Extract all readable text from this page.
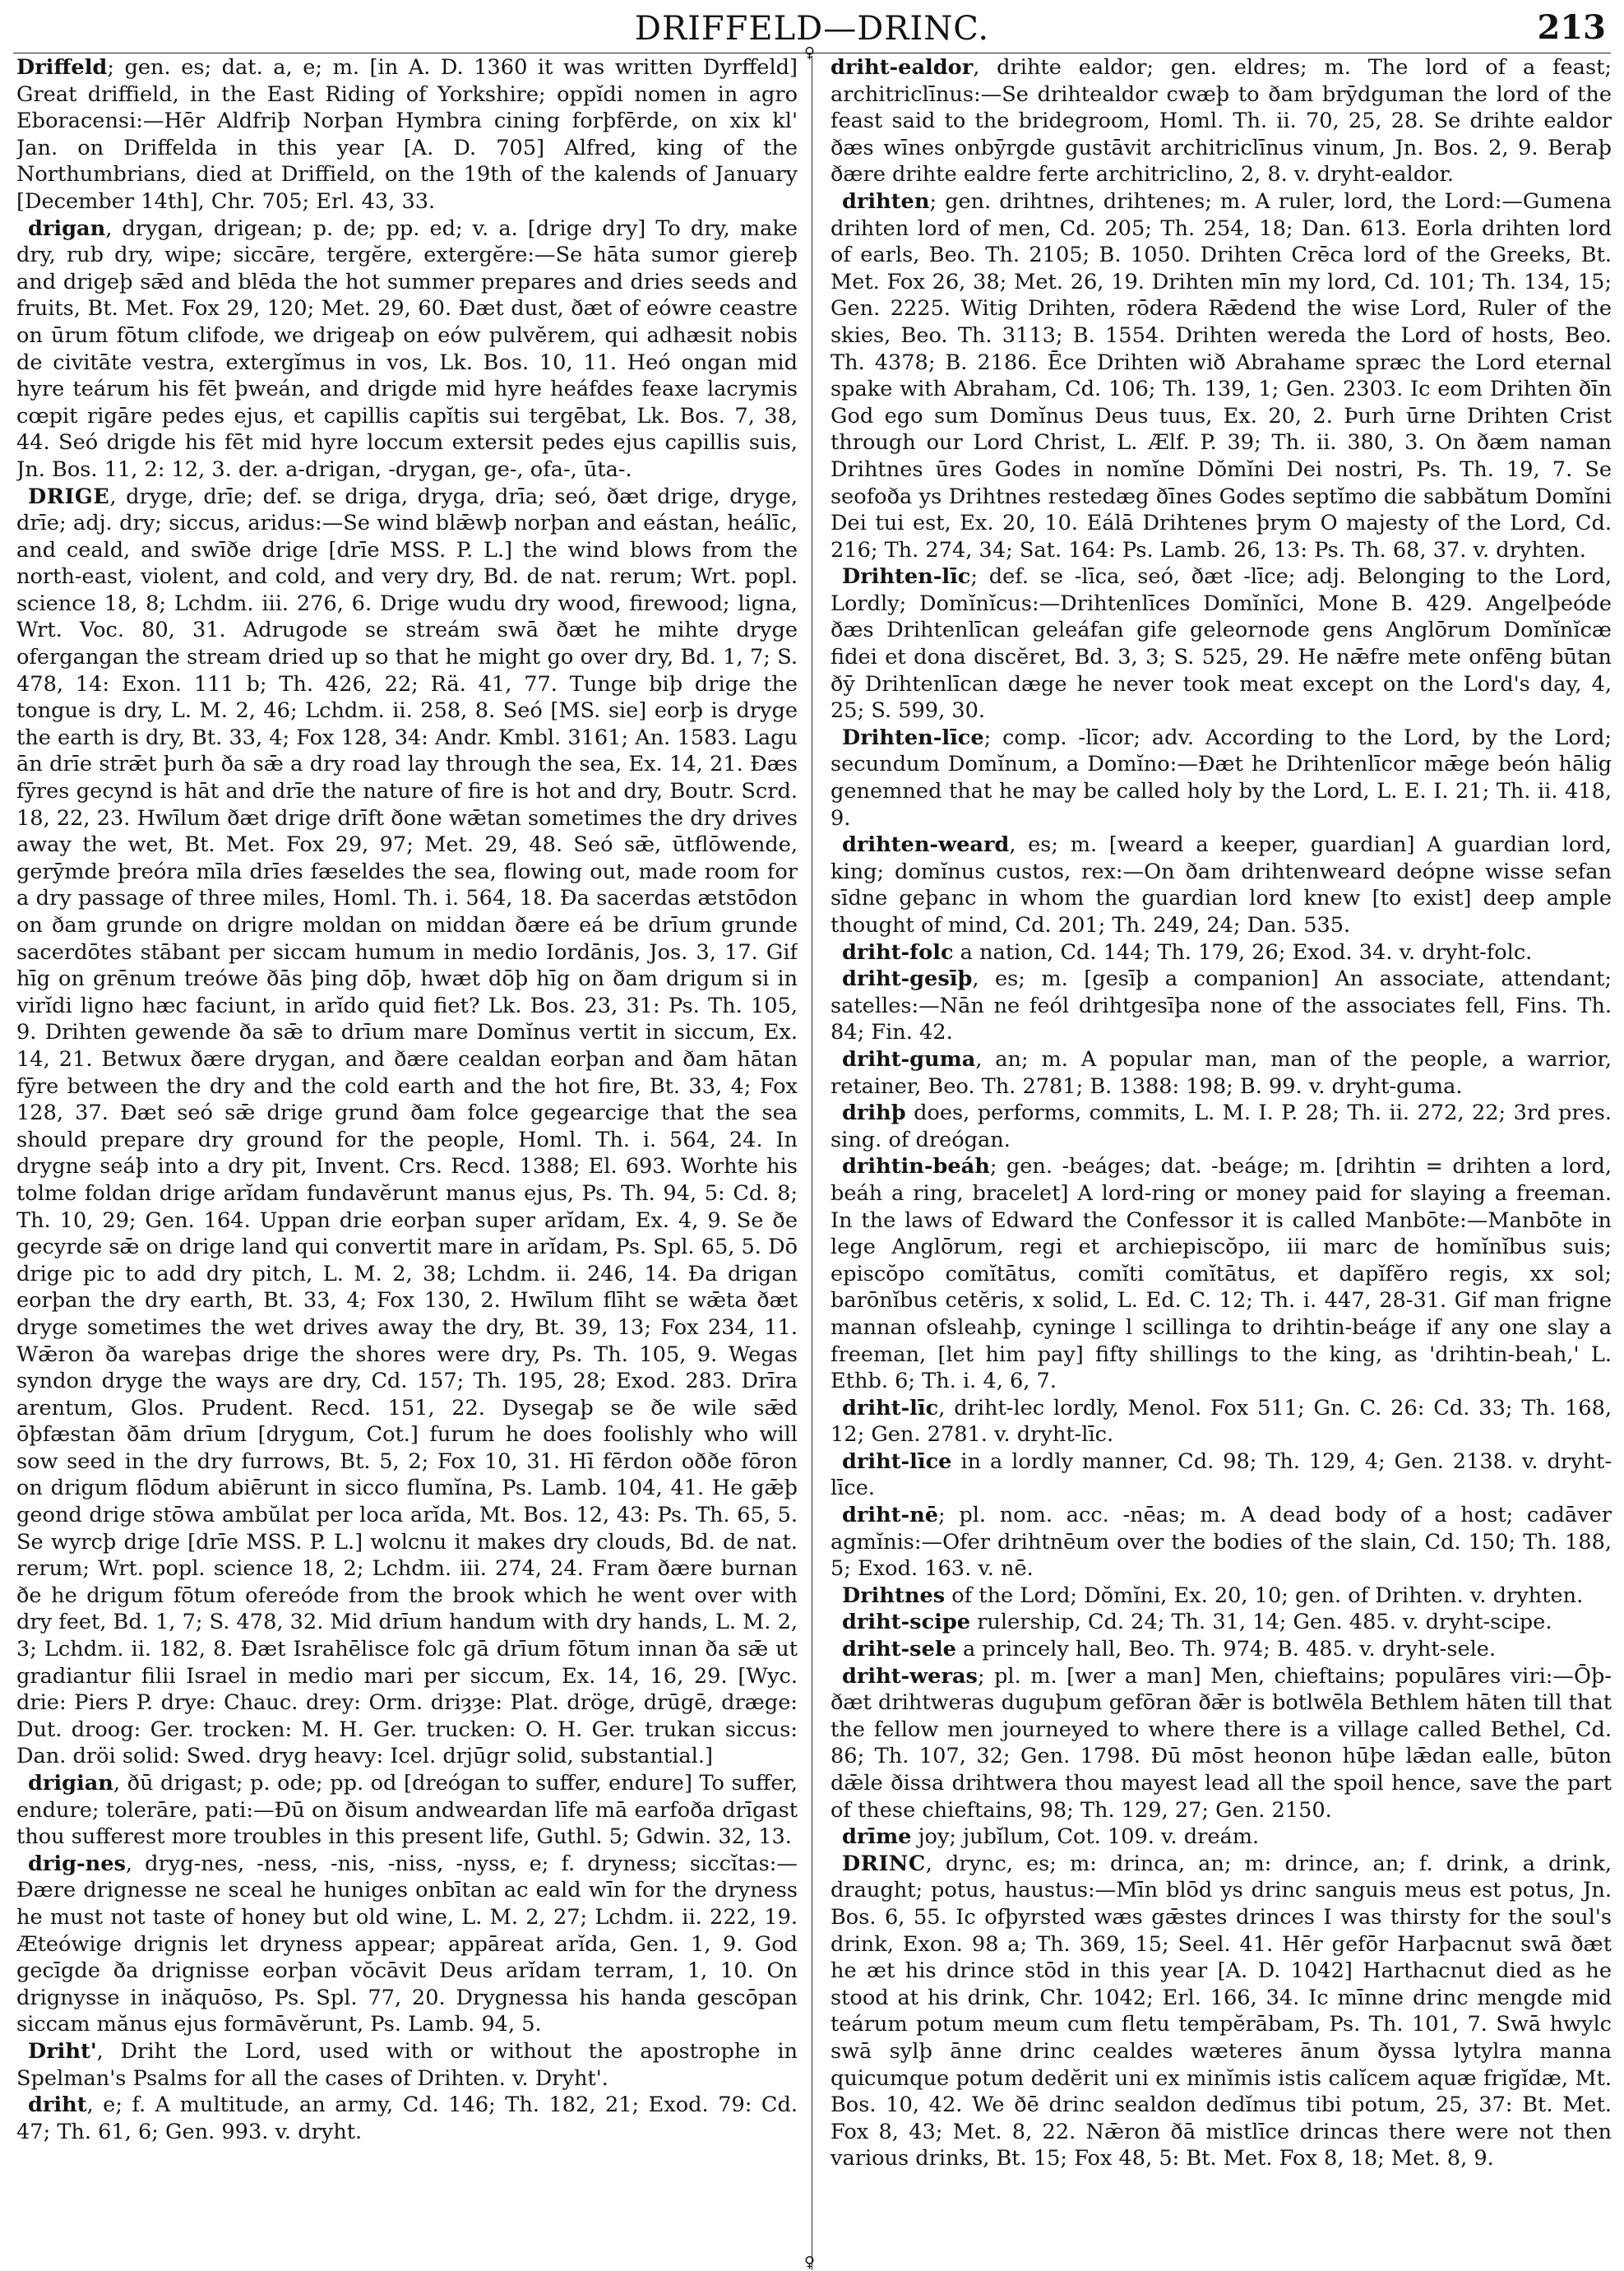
DRIFFELD—DRINC.	213
♀
♀

Driffeld; gen. es; dat. a, e; m. [in A. D. 1360 it was written Dyrffeld] Great driffield, in the East Riding of Yorkshire; oppĭdi nomen in agro Eboracensi:—Hēr Aldfriþ Norþan Hymbra cining forþfērde, on xix kl' Jan. on Driffelda in this year [A. D. 705] Alfred, king of the Northumbrians, died at Driffield, on the 19th of the kalends of January [December 14th], Chr. 705; Erl. 43, 33.

drigan, drygan, drigean; p. de; pp. ed; v. a. [drige dry] To dry, make dry, rub dry, wipe; siccāre, tergĕre, extergĕre:—Se hāta sumor giereþ and drigeþ sǣd and blēda the hot summer prepares and dries seeds and fruits, Bt. Met. Fox 29, 120; Met. 29, 60. Ðæt dust, ðæt of eówre ceastre on ūrum fōtum clifode, we drigeaþ on eów pulvĕrem, qui adhæsit nobis de civitāte vestra, extergĭmus in vos, Lk. Bos. 10, 11. Heó ongan mid hyre teárum his fēt þweán, and drigde mid hyre heáfdes feaxe lacrymis cœpit rigāre pedes ejus, et capillis capĭtis sui tergēbat, Lk. Bos. 7, 38, 44. Seó drigde his fēt mid hyre loccum extersit pedes ejus capillis suis, Jn. Bos. 11, 2: 12, 3. der. a-drigan, -drygan, ge-, ofa-, ūta-.

DRIGE, dryge, drīe; def. se driga, dryga, drīa; seó, ðæt drige, dryge, drīe; adj. dry; siccus, aridus:—Se wind blǣwþ norþan and eástan, heálīc, and ceald, and swīðe drige [drīe MSS. P. L.] the wind blows from the north-east, violent, and cold, and very dry, Bd. de nat. rerum; Wrt. popl. science 18, 8; Lchdm. iii. 276, 6. Drige wudu dry wood, firewood; ligna, Wrt. Voc. 80, 31. Adrugode se streám swā ðæt he mihte dryge ofergangan the stream dried up so that he might go over dry, Bd. 1, 7; S. 478, 14: Exon. 111 b; Th. 426, 22; Rä. 41, 77. Tunge biþ drige the tongue is dry, L. M. 2, 46; Lchdm. ii. 258, 8. Seó [MS. sie] eorþ is dryge the earth is dry, Bt. 33, 4; Fox 128, 34: Andr. Kmbl. 3161; An. 1583. Lagu ān drīe strǣt þurh ða sǣ a dry road lay through the sea, Ex. 14, 21. Ðæs fȳres gecynd is hāt and drīe the nature of fire is hot and dry, Boutr. Scrd. 18, 22, 23. Hwīlum ðæt drige drīft ðone wǣtan sometimes the dry drives away the wet, Bt. Met. Fox 29, 97; Met. 29, 48. Seó sǣ, ūtflōwende, gerȳmde þreóra mīla drīes fæseldes the sea, flowing out, made room for a dry passage of three miles, Homl. Th. i. 564, 18. Ða sacerdas ætstōdon on ðam grunde on drigre moldan on middan ðære eá be drīum grunde sacerdōtes stābant per siccam humum in medio Iordānis, Jos. 3, 17. Gif hīg on grēnum treówe ðās þing dōþ, hwæt dōþ hīg on ðam drigum si in virĭdi ligno hæc faciunt, in arĭdo quid fiet? Lk. Bos. 23, 31: Ps. Th. 105, 9. Drihten gewende ða sǣ to drīum mare Domĭnus vertit in siccum, Ex. 14, 21. Betwux ðære drygan, and ðære cealdan eorþan and ðam hātan fȳre between the dry and the cold earth and the hot fire, Bt. 33, 4; Fox 128, 37. Ðæt seó sǣ drige grund ðam folce gegearcige that the sea should prepare dry ground for the people, Homl. Th. i. 564, 24. In drygne seáþ into a dry pit, Invent. Crs. Recd. 1388; El. 693. Worhte his tolme foldan drige arĭdam fundavĕrunt manus ejus, Ps. Th. 94, 5: Cd. 8; Th. 10, 29; Gen. 164. Uppan drie eorþan super arĭdam, Ex. 4, 9. Se ðe gecyrde sǣ on drige land qui convertit mare in arĭdam, Ps. Spl. 65, 5. Dō drige pic to add dry pitch, L. M. 2, 38; Lchdm. ii. 246, 14. Ða drigan eorþan the dry earth, Bt. 33, 4; Fox 130, 2. Hwīlum flīht se wǣta ðæt dryge sometimes the wet drives away the dry, Bt. 39, 13; Fox 234, 11. Wǣron ða wareþas drige the shores were dry, Ps. Th. 105, 9. Wegas syndon dryge the ways are dry, Cd. 157; Th. 195, 28; Exod. 283. Drīra arentum, Glos. Prudent. Recd. 151, 22. Dysegaþ se ðe wile sǣd ōþfæstan ðām drīum [drygum, Cot.] furum he does foolishly who will sow seed in the dry furrows, Bt. 5, 2; Fox 10, 31. Hī fērdon oððe fōron on drigum flōdum abiērunt in sicco flumĭna, Ps. Lamb. 104, 41. He gǣþ geond drige stōwa ambŭlat per loca arĭda, Mt. Bos. 12, 43: Ps. Th. 65, 5. Se wyrcþ drige [drīe MSS. P. L.] wolcnu it makes dry clouds, Bd. de nat. rerum; Wrt. popl. science 18, 2; Lchdm. iii. 274, 24. Fram ðære burnan ðe he drigum fōtum ofereóde from the brook which he went over with dry feet, Bd. 1, 7; S. 478, 32. Mid drīum handum with dry hands, L. M. 2, 3; Lchdm. ii. 182, 8. Ðæt Israhēlisce folc gā drīum fōtum innan ða sǣ ut gradiantur filii Israel in medio mari per siccum, Ex. 14, 16, 29. [Wyc. drie: Piers P. drye: Chauc. drey: Orm. driȝȝe: Plat. dröge, drūgē, dræge: Dut. droog: Ger. trocken: M. H. Ger. trucken: O. H. Ger. trukan siccus: Dan. dröi solid: Swed. dryg heavy: Icel. drjūgr solid, substantial.]

drigian, ðū drigast; p. ode; pp. od [dreógan to suffer, endure] To suffer, endure; tolerāre, pati:—Ðū on ðisum andweardan līfe mā earfoða drīgast thou sufferest more troubles in this present life, Guthl. 5; Gdwin. 32, 13.

drig-nes, dryg-nes, -ness, -nis, -niss, -nyss, e; f. dryness; siccĭtas:—Ðære drignesse ne sceal he huniges onbītan ac eald wīn for the dryness he must not taste of honey but old wine, L. M. 2, 27; Lchdm. ii. 222, 19. Æteówige drignis let dryness appear; appāreat arĭda, Gen. 1, 9. God gecīgde ða drignisse eorþan vŏcāvit Deus arĭdam terram, 1, 10. On drignysse in inăquōso, Ps. Spl. 77, 20. Drygnessa his handa gescōpan siccam mănus ejus formāvĕrunt, Ps. Lamb. 94, 5.

Driht', Driht the Lord, used with or without the apostrophe in Spelman's Psalms for all the cases of Drihten. v. Dryht'.

driht, e; f. A multitude, an army, Cd. 146; Th. 182, 21; Exod. 79: Cd. 47; Th. 61, 6; Gen. 993. v. dryht.

driht-ealdor, drihte ealdor; gen. eldres; m. The lord of a feast; architriclīnus:—Se drihtealdor cwæþ to ðam brȳdguman the lord of the feast said to the bridegroom, Homl. Th. ii. 70, 25, 28. Se drihte ealdor ðæs wīnes onbȳrgde gustāvit architriclīnus vinum, Jn. Bos. 2, 9. Beraþ ðære drihte ealdre ferte architriclino, 2, 8. v. dryht-ealdor.

drihten; gen. drihtnes, drihtenes; m. A ruler, lord, the Lord:—Gumena drihten lord of men, Cd. 205; Th. 254, 18; Dan. 613. Eorla drihten lord of earls, Beo. Th. 2105; B. 1050. Drihten Crēca lord of the Greeks, Bt. Met. Fox 26, 38; Met. 26, 19. Drihten mīn my lord, Cd. 101; Th. 134, 15; Gen. 2225. Witig Drihten, rōdera Rǣdend the wise Lord, Ruler of the skies, Beo. Th. 3113; B. 1554. Drihten wereda the Lord of hosts, Beo. Th. 4378; B. 2186. Ēce Drihten wið Abrahame spræc the Lord eternal spake with Abraham, Cd. 106; Th. 139, 1; Gen. 2303. Ic eom Drihten ðīn God ego sum Domĭnus Deus tuus, Ex. 20, 2. Þurh ūrne Drihten Crist through our Lord Christ, L. Ælf. P. 39; Th. ii. 380, 3. On ðæm naman Drihtnes ūres Godes in nomĭne Dŏmĭni Dei nostri, Ps. Th. 19, 7. Se seofoða ys Drihtnes restedæg ðīnes Godes septĭmo die sabbătum Domĭni Dei tui est, Ex. 20, 10. Eálā Drihtenes þrym O majesty of the Lord, Cd. 216; Th. 274, 34; Sat. 164: Ps. Lamb. 26, 13: Ps. Th. 68, 37. v. dryhten.

Drihten-līc; def. se -līca, seó, ðæt -līce; adj. Belonging to the Lord, Lordly; Domĭnĭcus:—Drihtenlīces Domĭnĭci, Mone B. 429. Angelþeóde ðæs Drihtenlīcan geleáfan gife geleornode gens Anglōrum Domĭnĭcæ fidei et dona discĕret, Bd. 3, 3; S. 525, 29. He nǣfre mete onfēng būtan ðȳ Drihtenlīcan dæge he never took meat except on the Lord's day, 4, 25; S. 599, 30.

Drihten-līce; comp. -līcor; adv. According to the Lord, by the Lord; secundum Domĭnum, a Domĭno:—Ðæt he Drihtenlīcor mǣge beón hālig genemned that he may be called holy by the Lord, L. E. I. 21; Th. ii. 418, 9.

drihten-weard, es; m. [weard a keeper, guardian] A guardian lord, king; domĭnus custos, rex:—On ðam drihtenweard deópne wisse sefan sīdne geþanc in whom the guardian lord knew [to exist] deep ample thought of mind, Cd. 201; Th. 249, 24; Dan. 535.

driht-folc a nation, Cd. 144; Th. 179, 26; Exod. 34. v. dryht-folc.

driht-gesīþ, es; m. [gesīþ a companion] An associate, attendant; satelles:—Nān ne feól drihtgesīþa none of the associates fell, Fins. Th. 84; Fin. 42.

driht-guma, an; m. A popular man, man of the people, a warrior, retainer, Beo. Th. 2781; B. 1388: 198; B. 99. v. dryht-guma.

drihþ does, performs, commits, L. M. I. P. 28; Th. ii. 272, 22; 3rd pres. sing. of dreógan.

drihtin-beáh; gen. -beáges; dat. -beáge; m. [drihtin = drihten a lord, beáh a ring, bracelet] A lord-ring or money paid for slaying a freeman. In the laws of Edward the Confessor it is called Manbōte:—Manbōte in lege Anglōrum, regi et archiepiscŏpo, iii marc de homĭnĭbus suis; episcŏpo comĭtātus, comĭti comĭtātus, et dapĭfĕro regis, xx sol; barōnĭbus cetĕris, x solid, L. Ed. C. 12; Th. i. 447, 28-31. Gif man frigne mannan ofsleahþ, cyninge l scillinga to drihtin-beáge if any one slay a freeman, [let him pay] fifty shillings to the king, as 'drihtin-beah,' L. Ethb. 6; Th. i. 4, 6, 7.

driht-līc, driht-lec lordly, Menol. Fox 511; Gn. C. 26: Cd. 33; Th. 168, 12; Gen. 2781. v. dryht-līc.

driht-līce in a lordly manner, Cd. 98; Th. 129, 4; Gen. 2138. v. dryht-līce.

driht-nē; pl. nom. acc. -nēas; m. A dead body of a host; cadāver agmĭnis:—Ofer drihtnēum over the bodies of the slain, Cd. 150; Th. 188, 5; Exod. 163. v. nē.

Drihtnes of the Lord; Dŏmĭni, Ex. 20, 10; gen. of Drihten. v. dryhten.

driht-scipe rulership, Cd. 24; Th. 31, 14; Gen. 485. v. dryht-scipe.

driht-sele a princely hall, Beo. Th. 974; B. 485. v. dryht-sele.

driht-weras; pl. m. [wer a man] Men, chieftains; populāres viri:—Ōþ-ðæt drihtweras duguþum gefōran ðǣr is botlwēla Bethlem hāten till that the fellow men journeyed to where there is a village called Bethel, Cd. 86; Th. 107, 32; Gen. 1798. Ðū mōst heonon hūþe lǣdan ealle, būton dǣle ðissa drihtwera thou mayest lead all the spoil hence, save the part of these chieftains, 98; Th. 129, 27; Gen. 2150.

drīme joy; jubĭlum, Cot. 109. v. dreám.

DRINC, drync, es; m: drinca, an; m: drince, an; f. drink, a drink, draught; potus, haustus:—Mīn blōd ys drinc sanguis meus est potus, Jn. Bos. 6, 55. Ic ofþyrsted wæs gǣstes drinces I was thirsty for the soul's drink, Exon. 98 a; Th. 369, 15; Seel. 41. Hēr gefōr Harþacnut swā ðæt he æt his drince stōd in this year [A. D. 1042] Harthacnut died as he stood at his drink, Chr. 1042; Erl. 166, 34. Ic mīnne drinc mengde mid teárum potum meum cum fletu tempĕrābam, Ps. Th. 101, 7. Swā hwylc swā sylþ ānne drinc cealdes wæteres ānum ðyssa lytylra manna quicumque potum dedĕrit uni ex minĭmis istis calĭcem aquæ frigĭdæ, Mt. Bos. 10, 42. We ðē drinc sealdon dedĭmus tibi potum, 25, 37: Bt. Met. Fox 8, 43; Met. 8, 22. Nǣron ðā mistlīce drincas there were not then various drinks, Bt. 15; Fox 48, 5: Bt. Met. Fox 8, 18; Met. 8, 9.
